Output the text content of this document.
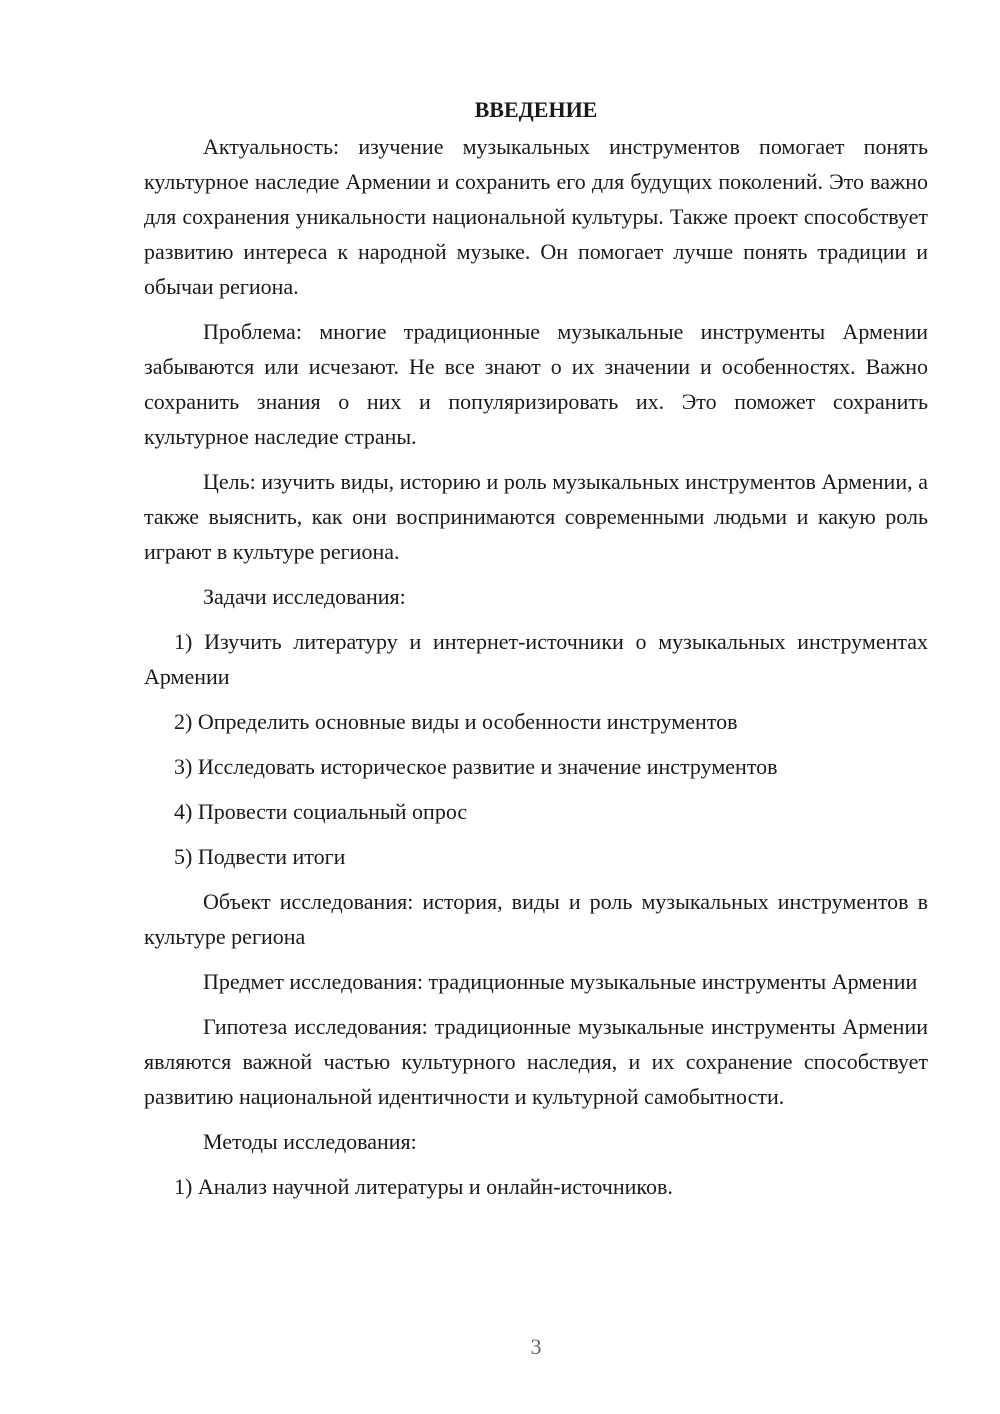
ВВЕДЕНИЕ

Актуальность: изучение музыкальных инструментов помогает понять культурное наследие Армении и сохранить его для будущих поколений. Это важно для сохранения уникальности национальной культуры. Также проект способствует развитию интереса к народной музыке. Он помогает лучше понять традиции и обычаи региона.

Проблема: многие традиционные музыкальные инструменты Армении забываются или исчезают. Не все знают о их значении и особенностях. Важно сохранить знания о них и популяризировать их. Это поможет сохранить культурное наследие страны.

Цель: изучить виды, историю и роль музыкальных инструментов Армении, а также выяснить, как они воспринимаются современными людьми и какую роль играют в культуре региона.

Задачи исследования:

1) Изучить литературу и интернет-источники о музыкальных инструментах Армении

2) Определить основные виды и особенности инструментов

3) Исследовать историческое развитие и значение инструментов

4) Провести социальный опрос

5) Подвести итоги

Объект исследования: история, виды и роль музыкальных инструментов в культуре региона

Предмет исследования: традиционные музыкальные инструменты Армении

Гипотеза исследования: традиционные музыкальные инструменты Армении являются важной частью культурного наследия, и их сохранение способствует развитию национальной идентичности и культурной самобытности.

Методы исследования:

1) Анализ научной литературы и онлайн-источников.

3
